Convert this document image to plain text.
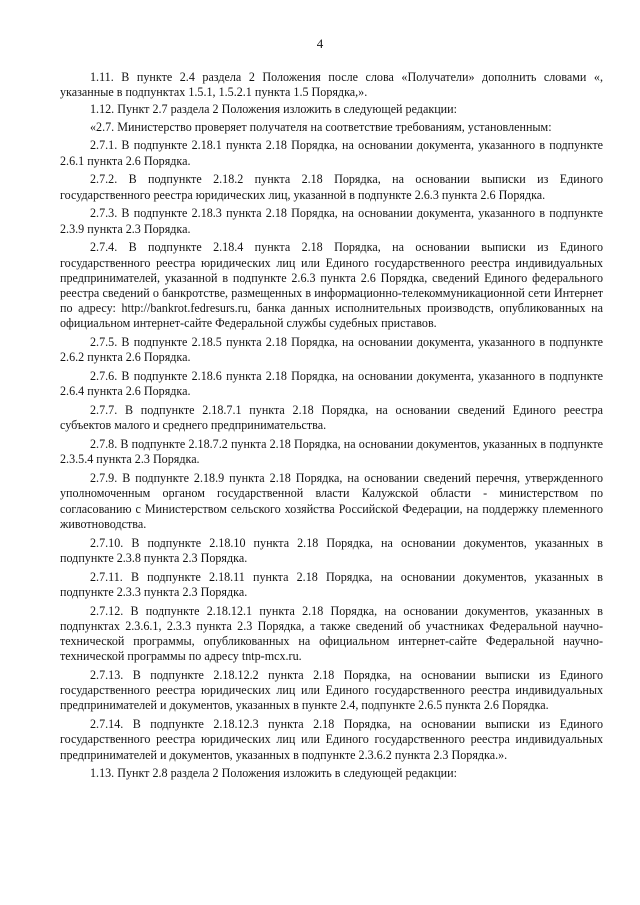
4

1.11. В пункте 2.4 раздела 2 Положения после слова «Получатели» дополнить словами «, указанные в подпунктах 1.5.1, 1.5.2.1 пункта 1.5 Порядка,».

1.12. Пункт 2.7 раздела 2 Положения изложить в следующей редакции:

«2.7. Министерство проверяет получателя на соответствие требованиям, установленным:

2.7.1. В подпункте 2.18.1 пункта 2.18 Порядка, на основании документа, указанного в подпункте 2.6.1 пункта 2.6 Порядка.

2.7.2. В подпункте 2.18.2 пункта 2.18 Порядка, на основании выписки из Единого государственного реестра юридических лиц, указанной в подпункте 2.6.3 пункта 2.6 Порядка.

2.7.3. В подпункте 2.18.3 пункта 2.18 Порядка, на основании документа, указанного в подпункте 2.3.9 пункта 2.3 Порядка.

2.7.4. В подпункте 2.18.4 пункта 2.18 Порядка, на основании выписки из Единого государственного реестра юридических лиц или Единого государственного реестра индивидуальных предпринимателей, указанной в подпункте 2.6.3 пункта 2.6 Порядка, сведений Единого федерального реестра сведений о банкротстве, размещенных в информационно-телекоммуникационной сети Интернет по адресу: http://bankrot.fedresurs.ru, банка данных исполнительных производств, опубликованных на официальном интернет-сайте Федеральной службы судебных приставов.

2.7.5. В подпункте 2.18.5 пункта 2.18 Порядка, на основании документа, указанного в подпункте 2.6.2 пункта 2.6 Порядка.

2.7.6. В подпункте 2.18.6 пункта 2.18 Порядка, на основании документа, указанного в подпункте 2.6.4 пункта 2.6 Порядка.

2.7.7. В подпункте 2.18.7.1 пункта 2.18 Порядка, на основании сведений Единого реестра субъектов малого и среднего предпринимательства.

2.7.8. В подпункте 2.18.7.2 пункта 2.18 Порядка, на основании документов, указанных в подпункте 2.3.5.4 пункта 2.3 Порядка.

2.7.9. В подпункте 2.18.9 пункта 2.18 Порядка, на основании сведений перечня, утвержденного уполномоченным органом государственной власти Калужской области - министерством по согласованию с Министерством сельского хозяйства Российской Федерации, на поддержку племенного животноводства.

2.7.10. В подпункте 2.18.10 пункта 2.18 Порядка, на основании документов, указанных в подпункте 2.3.8 пункта 2.3 Порядка.

2.7.11. В подпункте 2.18.11 пункта 2.18 Порядка, на основании документов, указанных в подпункте 2.3.3 пункта 2.3 Порядка.

2.7.12. В подпункте 2.18.12.1 пункта 2.18 Порядка, на основании документов, указанных в подпунктах 2.3.6.1, 2.3.3 пункта 2.3 Порядка, а также сведений об участниках Федеральной научно-технической программы, опубликованных на официальном интернет-сайте Федеральной научно-технической программы по адресу tntp-mcx.ru.

2.7.13. В подпункте 2.18.12.2 пункта 2.18 Порядка, на основании выписки из Единого государственного реестра юридических лиц или Единого государственного реестра индивидуальных предпринимателей и документов, указанных в пункте 2.4, подпункте 2.6.5 пункта 2.6 Порядка.

2.7.14. В подпункте 2.18.12.3 пункта 2.18 Порядка, на основании выписки из Единого государственного реестра юридических лиц или Единого государственного реестра индивидуальных предпринимателей и документов, указанных в подпункте 2.3.6.2 пункта 2.3 Порядка.».

1.13. Пункт 2.8 раздела 2 Положения изложить в следующей редакции:
